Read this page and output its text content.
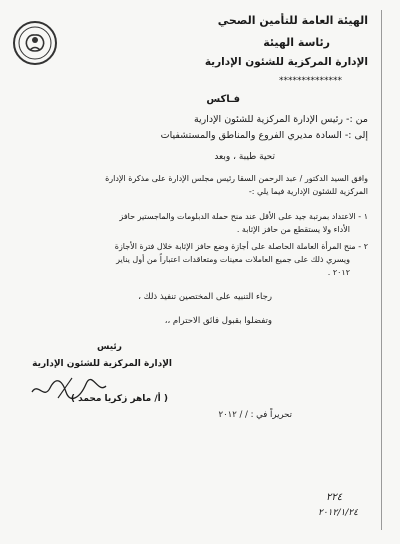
الهيئة العامة للتأمين الصحي
رئاسة الهيئة
الإدارة المركزية للشئون الإدارية
**************
فـاكس
من :- رئيس الإدارة المركزية للشئون الإدارية
إلى :- السادة مديري الفروع والمناطق والمستشفيات
تحية طيبة ، وبعد
وافق السيد الدكتور / عبد الرحمن السقا رئيس مجلس الإدارة على مذكرة الإدارة
المركزية للشئون الإدارية فيما يلي :-
١ - الاعتداد بمرتبة جيد على الأقل عند منح حملة الدبلومات والماجستير حافز
الأداء ولا يستقطع من حافز الإثابة .
٢ - منح المرأة العاملة الحاصلة على أجازة وضع حافز الإثابة خلال فترة الأجازة
ويسري ذلك على جميع العاملات معينات ومتعاقدات اعتباراً من أول يناير
٢٠١٢ .
رجاء التنبيه على المختصين تنفيذ ذلك ،
وتفضلوا بقبول فائق الاحترام ،،
رئيس
الإدارة المركزية للشئون الإدارية
( أ/ ماهر زكريا محمد )
تحريراً في : / / ٢٠١٢
٢٢٤
٢٠١٢/١/٢٤
